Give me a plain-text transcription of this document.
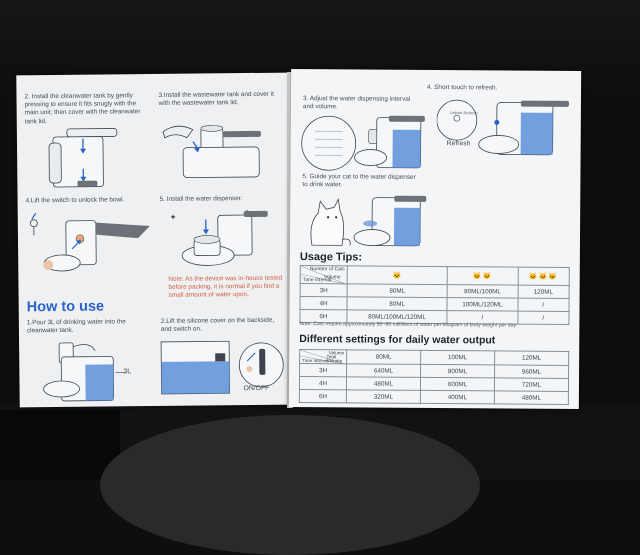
2. Install the cleanwater tank by gently pressing to ensure it fits snugly with the main unit; then cover with the cleanwater tank lid.
3.Install the wastewater tank and cover it with the wastewater tank lid.
4.Lift the switch to unlock the bowl.	5. Install the water dispenser.
✦
Note: As the device was in-house tested before packing, it is normal if you find a small amount of water upon.
How to use
1.Pour 3L of drinking water into the cleanwater tank.
2.Lift the silicone cover on the backside, and switch on.
3L
ON/OFF
3. Adjust the water dispensing interval and volume.
4. Short touch to refresh.
Unlock Refresh
Refresh
5. Guide your cat to the water dispenser to drink water.
Usage Tips:
Number of Cats
Volume
Time Interval	🐱	🐱🐱	🐱🐱🐱
3H	80ML	80ML/100ML	120ML
4H	80ML	100ML/120ML	/
6H	80ML/100ML/120ML	/	/
Note: Cats require approximately 50~60 milliliters of water per kilogram of body weight per day.
Different settings for daily water output
Volume
Total
Volume
Time Interval	80ML	100ML	120ML
3H	640ML	800ML	960ML
4H	480ML	600ML	720ML
6H	320ML	400ML	480ML
